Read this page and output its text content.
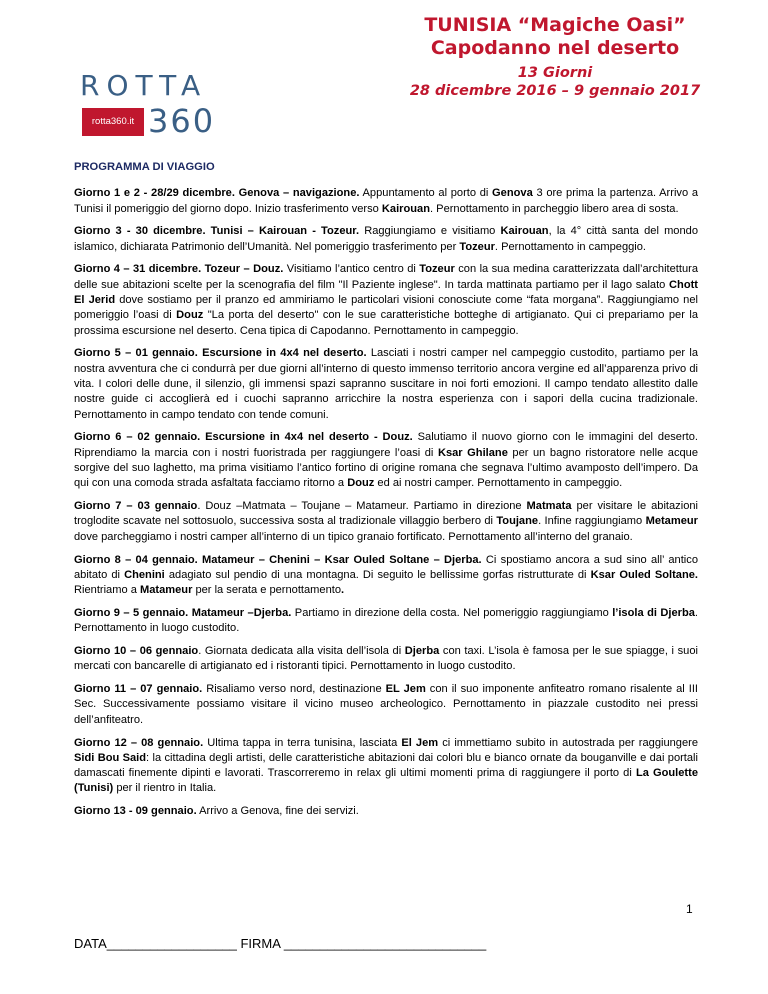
TUNISIA “Magiche Oasi”
Capodanno nel deserto
13 Giorni
28 dicembre 2016 – 9 gennaio 2017
ROTTA
rotta360.it 360

PROGRAMMA DI VIAGGIO

Giorno 1 e 2 - 28/29 dicembre. Genova – navigazione. Appuntamento al porto di Genova 3 ore prima la partenza. Arrivo a Tunisi il pomeriggio del giorno dopo. Inizio trasferimento verso Kairouan. Pernottamento in parcheggio libero area di sosta.

Giorno 3 - 30 dicembre. Tunisi – Kairouan - Tozeur. Raggiungiamo e visitiamo Kairouan, la 4° città santa del mondo islamico, dichiarata Patrimonio dell’Umanità. Nel pomeriggio trasferimento per Tozeur. Pernottamento in campeggio.

Giorno 4 – 31 dicembre. Tozeur – Douz. Visitiamo l’antico centro di Tozeur con la sua medina caratterizzata dall’architettura delle sue abitazioni scelte per la scenografia del film "Il Paziente inglese". In tarda mattinata partiamo per il lago salato Chott El Jerid dove sostiamo per il pranzo ed ammiriamo le particolari visioni conosciute come “fata morgana”. Raggiungiamo nel pomeriggio l’oasi di Douz "La porta del deserto" con le sue caratteristiche botteghe di artigianato. Qui ci prepariamo per la prossima escursione nel deserto. Cena tipica di Capodanno. Pernottamento in campeggio.

Giorno 5 – 01 gennaio. Escursione in 4x4 nel deserto. Lasciati i nostri camper nel campeggio custodito, partiamo per la nostra avventura che ci condurrà per due giorni all’interno di questo immenso territorio ancora vergine ed all’apparenza privo di vita. I colori delle dune, il silenzio, gli immensi spazi sapranno suscitare in noi forti emozioni. Il campo tendato allestito dalle nostre guide ci accoglierà ed i cuochi sapranno arricchire la nostra esperienza con i sapori della cucina tradizionale. Pernottamento in campo tendato con tende comuni.

Giorno 6 – 02 gennaio. Escursione in 4x4 nel deserto - Douz. Salutiamo il nuovo giorno con le immagini del deserto. Riprendiamo la marcia con i nostri fuoristrada per raggiungere l’oasi di Ksar Ghilane per un bagno ristoratore nelle acque sorgive del suo laghetto, ma prima visitiamo l’antico fortino di origine romana che segnava l’ultimo avamposto dell’impero. Da qui con una comoda strada asfaltata facciamo ritorno a Douz ed ai nostri camper. Pernottamento in campeggio.

Giorno 7 – 03 gennaio. Douz –Matmata – Toujane – Matameur. Partiamo in direzione Matmata per visitare le abitazioni troglodite scavate nel sottosuolo, successiva sosta al tradizionale villaggio berbero di Toujane. Infine raggiungiamo Metameur dove parcheggiamo i nostri camper all’interno di un tipico granaio fortificato. Pernottamento all’interno del granaio.

Giorno 8 – 04 gennaio. Matameur – Chenini – Ksar Ouled Soltane – Djerba. Ci spostiamo ancora a sud sino all’ antico abitato di Chenini adagiato sul pendio di una montagna. Di seguito le bellissime gorfas ristrutturate di Ksar Ouled Soltane. Rientriamo a Matameur per la serata e pernottamento.

Giorno 9 – 5 gennaio. Matameur –Djerba. Partiamo in direzione della costa. Nel pomeriggio raggiungiamo l’isola di Djerba. Pernottamento in luogo custodito.

Giorno 10 – 06 gennaio. Giornata dedicata alla visita dell’isola di Djerba con taxi. L’isola è famosa per le sue spiagge, i suoi mercati con bancarelle di artigianato ed i ristoranti tipici. Pernottamento in luogo custodito.

Giorno 11 – 07 gennaio. Risaliamo verso nord, destinazione EL Jem con il suo imponente anfiteatro romano risalente al III Sec. Successivamente possiamo visitare il vicino museo archeologico. Pernottamento in piazzale custodito nei pressi dell’anfiteatro.

Giorno 12 – 08 gennaio. Ultima tappa in terra tunisina, lasciata El Jem ci immettiamo subito in autostrada per raggiungere Sidi Bou Said: la cittadina degli artisti, delle caratteristiche abitazioni dai colori blu e bianco ornate da bouganville e dai portali damascati finemente dipinti e lavorati. Trascorreremo in relax gli ultimi momenti prima di raggiungere il porto di La Goulette (Tunisi) per il rientro in Italia.

Giorno 13 - 09 gennaio. Arrivo a Genova, fine dei servizi.

1
DATA__________________ FIRMA ____________________________
